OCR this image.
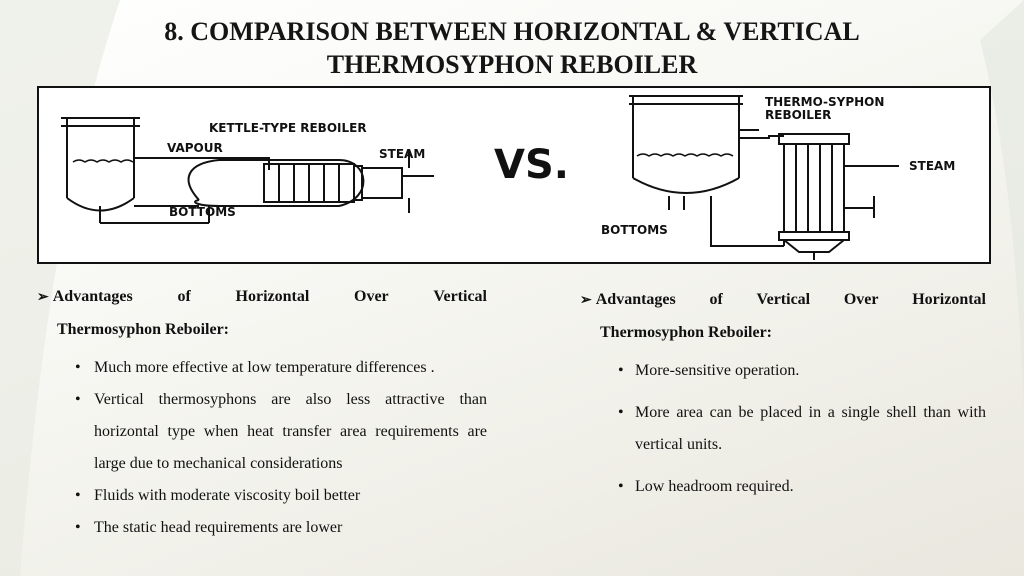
8. COMPARISON BETWEEN HORIZONTAL & VERTICAL
THERMOSYPHON REBOILER
KETTLE-TYPE REBOILER
VAPOUR	STEAM
BOTTOMS
VS.
THERMO-SYPHON
REBOILER
STEAM
BOTTOMS
➢ Advantages	of	Horizontal	Over	Vertical
Thermosyphon Reboiler:
• Much more effective at low temperature differences .
• Vertical thermosyphons are also less attractive than horizontal type when heat transfer area requirements are large due to mechanical considerations
• Fluids with moderate viscosity boil better
• The static head requirements are lower
➢ Advantages of Vertical Over Horizontal
Thermosyphon Reboiler:
• More-sensitive operation.
• More area can be placed in a single shell than with vertical units.
• Low headroom required.
